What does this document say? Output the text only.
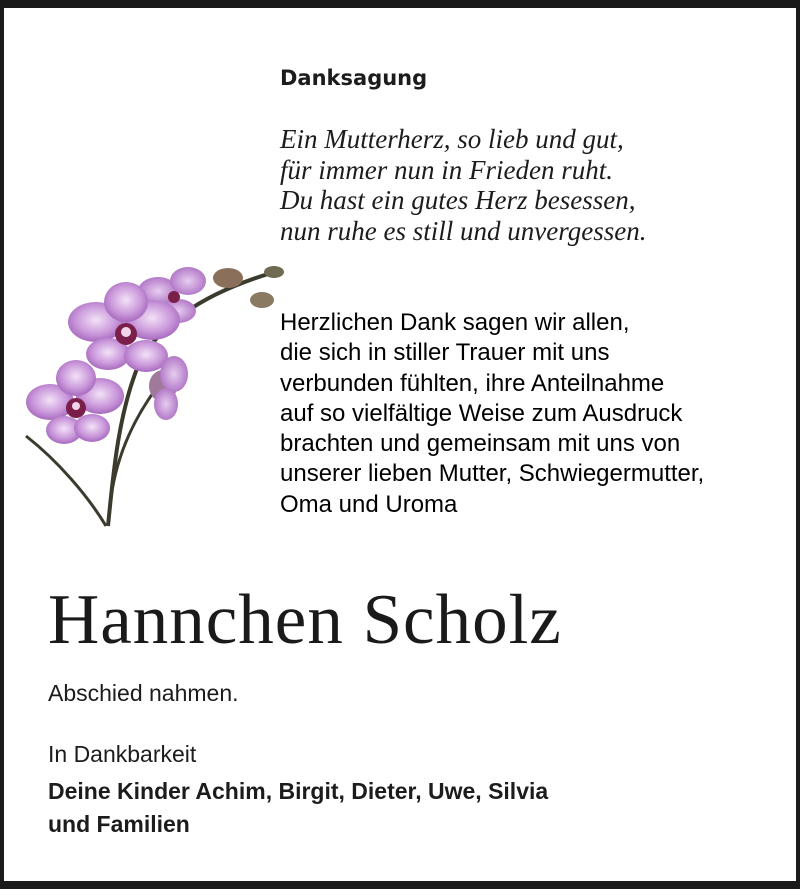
Danksagung
Ein Mutterherz, so lieb und gut,
für immer nun in Frieden ruht.
Du hast ein gutes Herz besessen,
nun ruhe es still und unvergessen.
Herzlichen Dank sagen wir allen,
die sich in stiller Trauer mit uns
verbunden fühlten, ihre Anteilnahme
auf so vielfältige Weise zum Ausdruck
brachten und gemeinsam mit uns von
unserer lieben Mutter, Schwiegermutter,
Oma und Uroma
Hannchen Scholz
Abschied nahmen.
In Dankbarkeit
Deine Kinder Achim, Birgit, Dieter, Uwe, Silvia
und Familien
